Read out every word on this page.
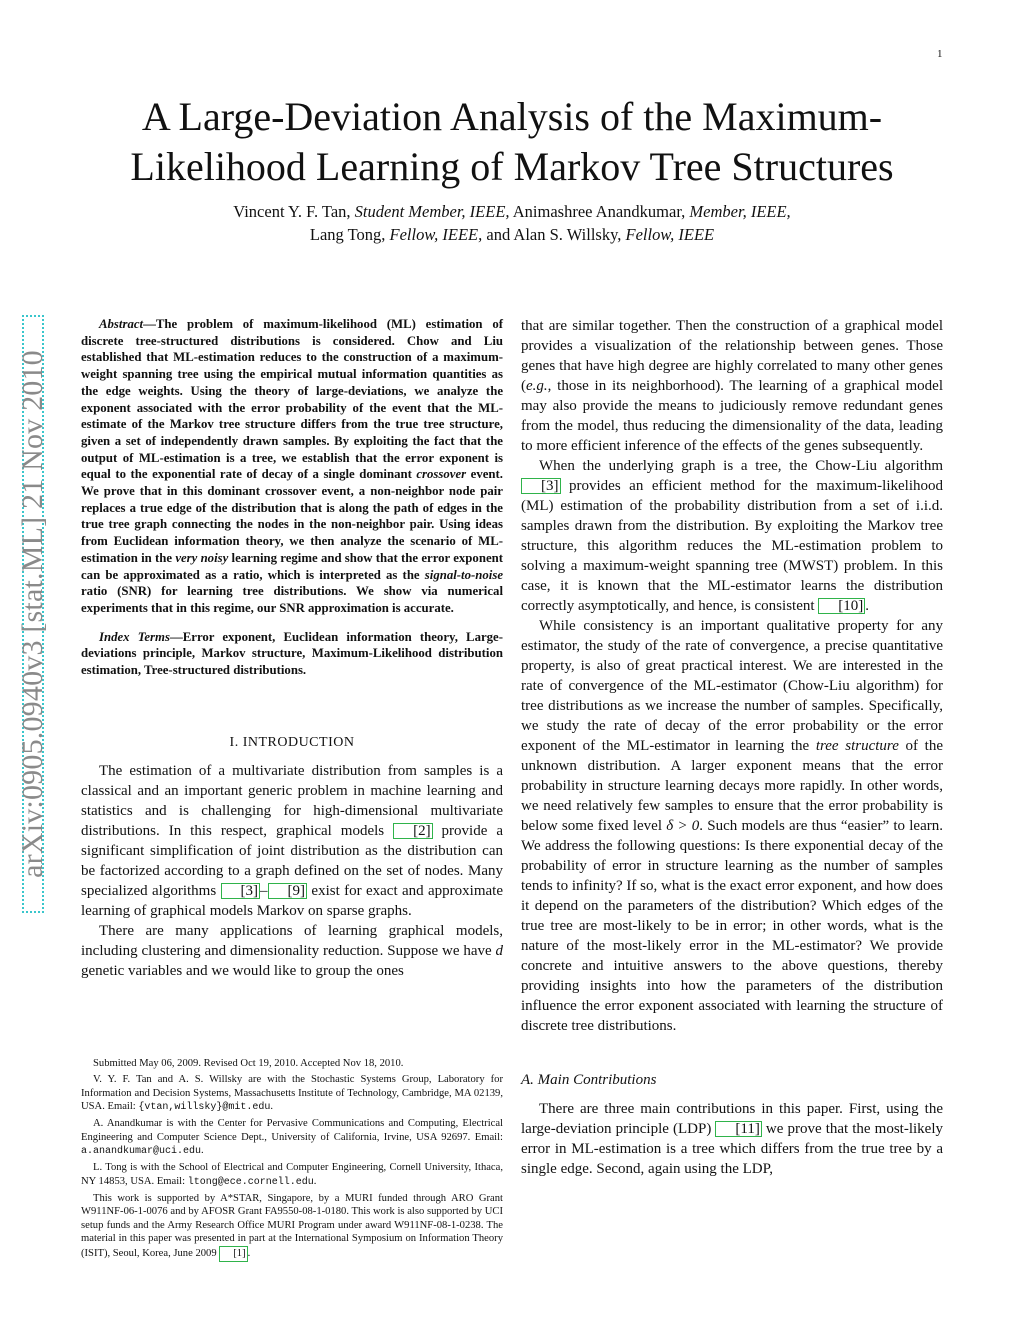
1
arXiv:0905.0940v3 [stat.ML] 21 Nov 2010
A Large-Deviation Analysis of the Maximum-
Likelihood Learning of Markov Tree Structures
Vincent Y. F. Tan, Student Member, IEEE, Animashree Anandkumar, Member, IEEE,
Lang Tong, Fellow, IEEE, and Alan S. Willsky, Fellow, IEEE

Abstract—The problem of maximum-likelihood (ML) estimation of discrete tree-structured distributions is considered. Chow and Liu established that ML-estimation reduces to the construction of a maximum-weight spanning tree using the empirical mutual information quantities as the edge weights. Using the theory of large-deviations, we analyze the exponent associated with the error probability of the event that the ML-estimate of the Markov tree structure differs from the true tree structure, given a set of independently drawn samples. By exploiting the fact that the output of ML-estimation is a tree, we establish that the error exponent is equal to the exponential rate of decay of a single dominant crossover event. We prove that in this dominant crossover event, a non-neighbor node pair replaces a true edge of the distribution that is along the path of edges in the true tree graph connecting the nodes in the non-neighbor pair. Using ideas from Euclidean information theory, we then analyze the scenario of ML-estimation in the very noisy learning regime and show that the error exponent can be approximated as a ratio, which is interpreted as the signal-to-noise ratio (SNR) for learning tree distributions. We show via numerical experiments that in this regime, our SNR approximation is accurate.

Index Terms—Error exponent, Euclidean information theory, Large-deviations principle, Markov structure, Maximum-Likelihood distribution estimation, Tree-structured distributions.

I. INTRODUCTION

The estimation of a multivariate distribution from samples is a classical and an important generic problem in machine learning and statistics and is challenging for high-dimensional multivariate distributions. In this respect, graphical models [2] provide a significant simplification of joint distribution as the distribution can be factorized according to a graph defined on the set of nodes. Many specialized algorithms [3] – [9] exist for exact and approximate learning of graphical models Markov on sparse graphs.

There are many applications of learning graphical models, including clustering and dimensionality reduction. Suppose we have d genetic variables and we would like to group the ones

Submitted May 06, 2009. Revised Oct 19, 2010. Accepted Nov 18, 2010.

V. Y. F. Tan and A. S. Willsky are with the Stochastic Systems Group, Laboratory for Information and Decision Systems, Massachusetts Institute of Technology, Cambridge, MA 02139, USA. Email: {vtan,willsky}@mit.edu.

A. Anandkumar is with the Center for Pervasive Communications and Computing, Electrical Engineering and Computer Science Dept., University of California, Irvine, USA 92697. Email: a.anandkumar@uci.edu.

L. Tong is with the School of Electrical and Computer Engineering, Cornell University, Ithaca, NY 14853, USA. Email: ltong@ece.cornell.edu.

This work is supported by A*STAR, Singapore, by a MURI funded through ARO Grant W911NF-06-1-0076 and by AFOSR Grant FA9550-08-1-0180. This work is also supported by UCI setup funds and the Army Research Office MURI Program under award W911NF-08-1-0238. The material in this paper was presented in part at the International Symposium on Information Theory (ISIT), Seoul, Korea, June 2009 [1] .

that are similar together. Then the construction of a graphical model provides a visualization of the relationship between genes. Those genes that have high degree are highly correlated to many other genes (e.g., those in its neighborhood). The learning of a graphical model may also provide the means to judiciously remove redundant genes from the model, thus reducing the dimensionality of the data, leading to more efficient inference of the effects of the genes subsequently.

When the underlying graph is a tree, the Chow-Liu algorithm [3] provides an efficient method for the maximum-likelihood (ML) estimation of the probability distribution from a set of i.i.d. samples drawn from the distribution. By exploiting the Markov tree structure, this algorithm reduces the ML-estimation problem to solving a maximum-weight spanning tree (MWST) problem. In this case, it is known that the ML-estimator learns the distribution correctly asymptotically, and hence, is consistent [10] .

While consistency is an important qualitative property for any estimator, the study of the rate of convergence, a precise quantitative property, is also of great practical interest. We are interested in the rate of convergence of the ML-estimator (Chow-Liu algorithm) for tree distributions as we increase the number of samples. Specifically, we study the rate of decay of the error probability or the error exponent of the ML-estimator in learning the tree structure of the unknown distribution. A larger exponent means that the error probability in structure learning decays more rapidly. In other words, we need relatively few samples to ensure that the error probability is below some fixed level δ > 0. Such models are thus “easier” to learn. We address the following questions: Is there exponential decay of the probability of error in structure learning as the number of samples tends to infinity? If so, what is the exact error exponent, and how does it depend on the parameters of the distribution? Which edges of the true tree are most-likely to be in error; in other words, what is the nature of the most-likely error in the ML-estimator? We provide concrete and intuitive answers to the above questions, thereby providing insights into how the parameters of the distribution influence the error exponent associated with learning the structure of discrete tree distributions.

A. Main Contributions

There are three main contributions in this paper. First, using the large-deviation principle (LDP) [11] we prove that the most-likely error in ML-estimation is a tree which differs from the true tree by a single edge. Second, again using the LDP,
